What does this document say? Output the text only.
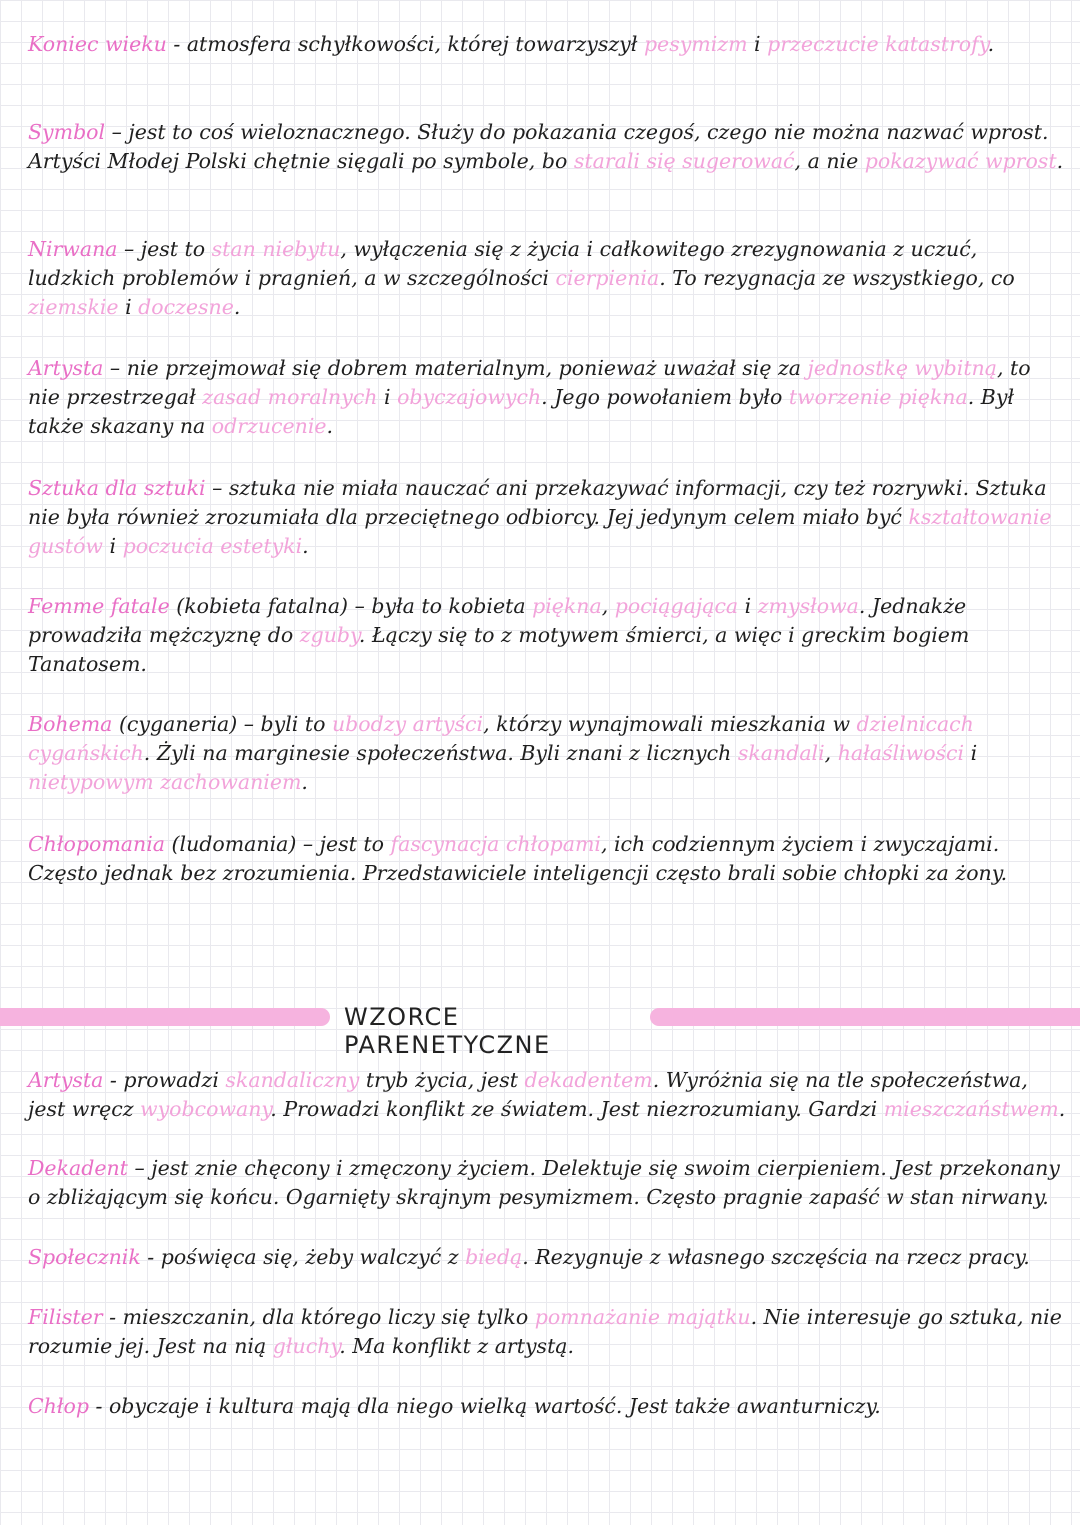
Koniec wieku - atmosfera schyłkowości, której towarzyszył pesymizm i przeczucie katastrofy.
Symbol – jest to coś wieloznacznego. Służy do pokazania czegoś, czego nie można nazwać wprost. Artyści Młodej Polski chętnie sięgali po symbole, bo starali się sugerować, a nie pokazywać wprost.
Nirwana – jest to stan niebytu, wyłączenia się z życia i całkowitego zrezygnowania z uczuć, ludzkich problemów i pragnień, a w szczególności cierpienia. To rezygnacja ze wszystkiego, co ziemskie i doczesne.
Artysta – nie przejmował się dobrem materialnym, ponieważ uważał się za jednostkę wybitną, to nie przestrzegał zasad moralnych i obyczajowych. Jego powołaniem było tworzenie piękna. Był także skazany na odrzucenie.
Sztuka dla sztuki – sztuka nie miała nauczać ani przekazywać informacji, czy też rozrywki. Sztuka nie była również zrozumiała dla przeciętnego odbiorcy. Jej jedynym celem miało być kształtowanie gustów i poczucia estetyki.
Femme fatale (kobieta fatalna) – była to kobieta piękna, pociągająca i zmysłowa. Jednakże prowadziła mężczyznę do zguby. Łączy się to z motywem śmierci, a więc i greckim bogiem Tanatosem.
Bohema (cyganeria) – byli to ubodzy artyści, którzy wynajmowali mieszkania w dzielnicach cygańskich. Żyli na marginesie społeczeństwa. Byli znani z licznych skandali, hałaśliwości i nietypowym zachowaniem.
Chłopomania (ludomania) – jest to fascynacja chłopami, ich codziennym życiem i zwyczajami. Często jednak bez zrozumienia. Przedstawiciele inteligencji często brali sobie chłopki za żony.
WZORCE PARENETYCZNE
Artysta - prowadzi skandaliczny tryb życia, jest dekadentem. Wyróżnia się na tle społeczeństwa, jest wręcz wyobcowany. Prowadzi konflikt ze światem. Jest niezrozumiany. Gardzi mieszczaństwem.
Dekadent – jest znie chęcony i zmęczony życiem. Delektuje się swoim cierpieniem. Jest przekonany o zbliżającym się końcu. Ogarnięty skrajnym pesymizmem. Często pragnie zapaść w stan nirwany.
Społecznik - poświęca się, żeby walczyć z biedą. Rezygnuje z własnego szczęścia na rzecz pracy.
Filister - mieszczanin, dla którego liczy się tylko pomnażanie majątku. Nie interesuje go sztuka, nie rozumie jej. Jest na nią głuchy. Ma konflikt z artystą.
Chłop - obyczaje i kultura mają dla niego wielką wartość. Jest także awanturniczy.
